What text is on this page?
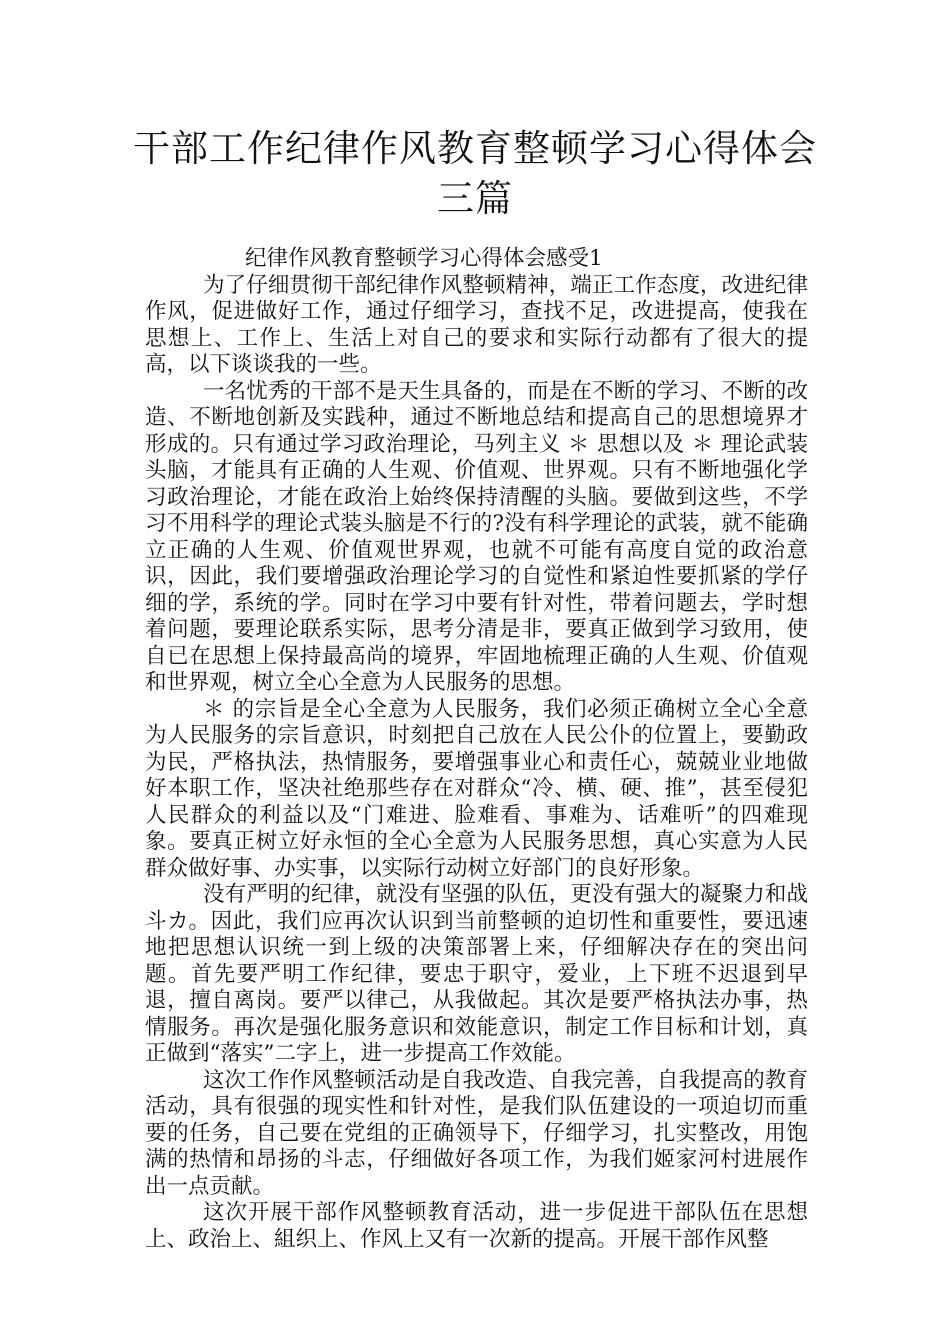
干部工作纪律作风教育整顿学习心得体会
三篇
纪律作风教育整顿学习心得体会感受1

为了仔细贯彻干部纪律作风整顿精神，端正工作态度，改进纪律作风，促进做好工作，通过仔细学习，查找不足，改进提高，使我在思想上、工作上、生活上对自己的要求和实际行动都有了很大的提高，以下谈谈我的一些。

一名忧秀的干部不是天生具备的，而是在不断的学习、不断的改造、不断地创新及实践种，通过不断地总结和提高自己的思想境界才形成的。只有通过学习政治理论，马列主义 ＊ 思想以及 ＊ 理论武装头脑，才能具有正确的人生观、价值观、世界观。只有不断地强化学习政治理论，才能在政治上始终保持清醒的头脑。要做到这些，不学习不用科学的理论式装头脑是不行的?没有科学理论的武装，就不能确立正确的人生观、价值观世界观，也就不可能有高度自觉的政治意识，因此，我们要增强政治理论学习的自觉性和紧迫性要抓紧的学仔细的学，系统的学。同时在学习中要有针对性，带着问题去，学时想着问题，要理论联系实际，思考分清是非，要真正做到学习致用，使自已在思想上保持最高尚的境界，牢固地梳理正确的人生观、价值观和世界观，树立全心全意为人民服务的思想。

＊ 的宗旨是全心全意为人民服务，我们必须正确树立全心全意为人民服务的宗旨意识，时刻把自己放在人民公仆的位置上，要勤政为民，严格执法，热情服务，要增强事业心和责任心，兢兢业业地做好本职工作，坚决社绝那些存在对群众“冷、横、硬、推”，甚至侵犯人民群众的利益以及“门难进、脸难看、事难为、话难听”的四难现象。要真正树立好永恒的全心全意为人民服务思想，真心实意为人民群众做好事、办实事，以实际行动树立好部门的良好形象。

没有严明的纪律，就没有坚强的队伍，更没有强大的凝聚力和战斗カ。因此，我们应再次认识到当前整顿的迫切性和重要性，要迅速地把思想认识统一到上级的决策部署上来，仔细解决存在的突出问题。首先要严明工作纪律，要忠于职守，爱业，上下班不迟退到早退，擅自离岗。要严以律己，从我做起。其次是要严格执法办事，热情服务。再次是强化服务意识和效能意识，制定工作目标和计划，真正做到“落实”二字上，进一步提高工作效能。

这次工作作风整顿活动是自我改造、自我完善，自我提高的教育活动，具有很强的现实性和针对性，是我们队伍建设的一项迫切而重要的任务，自己要在党组的正确领导下，仔细学习，扎实整改，用饱满的热情和昂扬的斗志，仔细做好各项工作，为我们姬家河村进展作出一点贡献。

这次开展干部作风整顿教育活动，进一步促进干部队伍在思想上、政治上、組织上、作风上又有一次新的提高。开展干部作风整
